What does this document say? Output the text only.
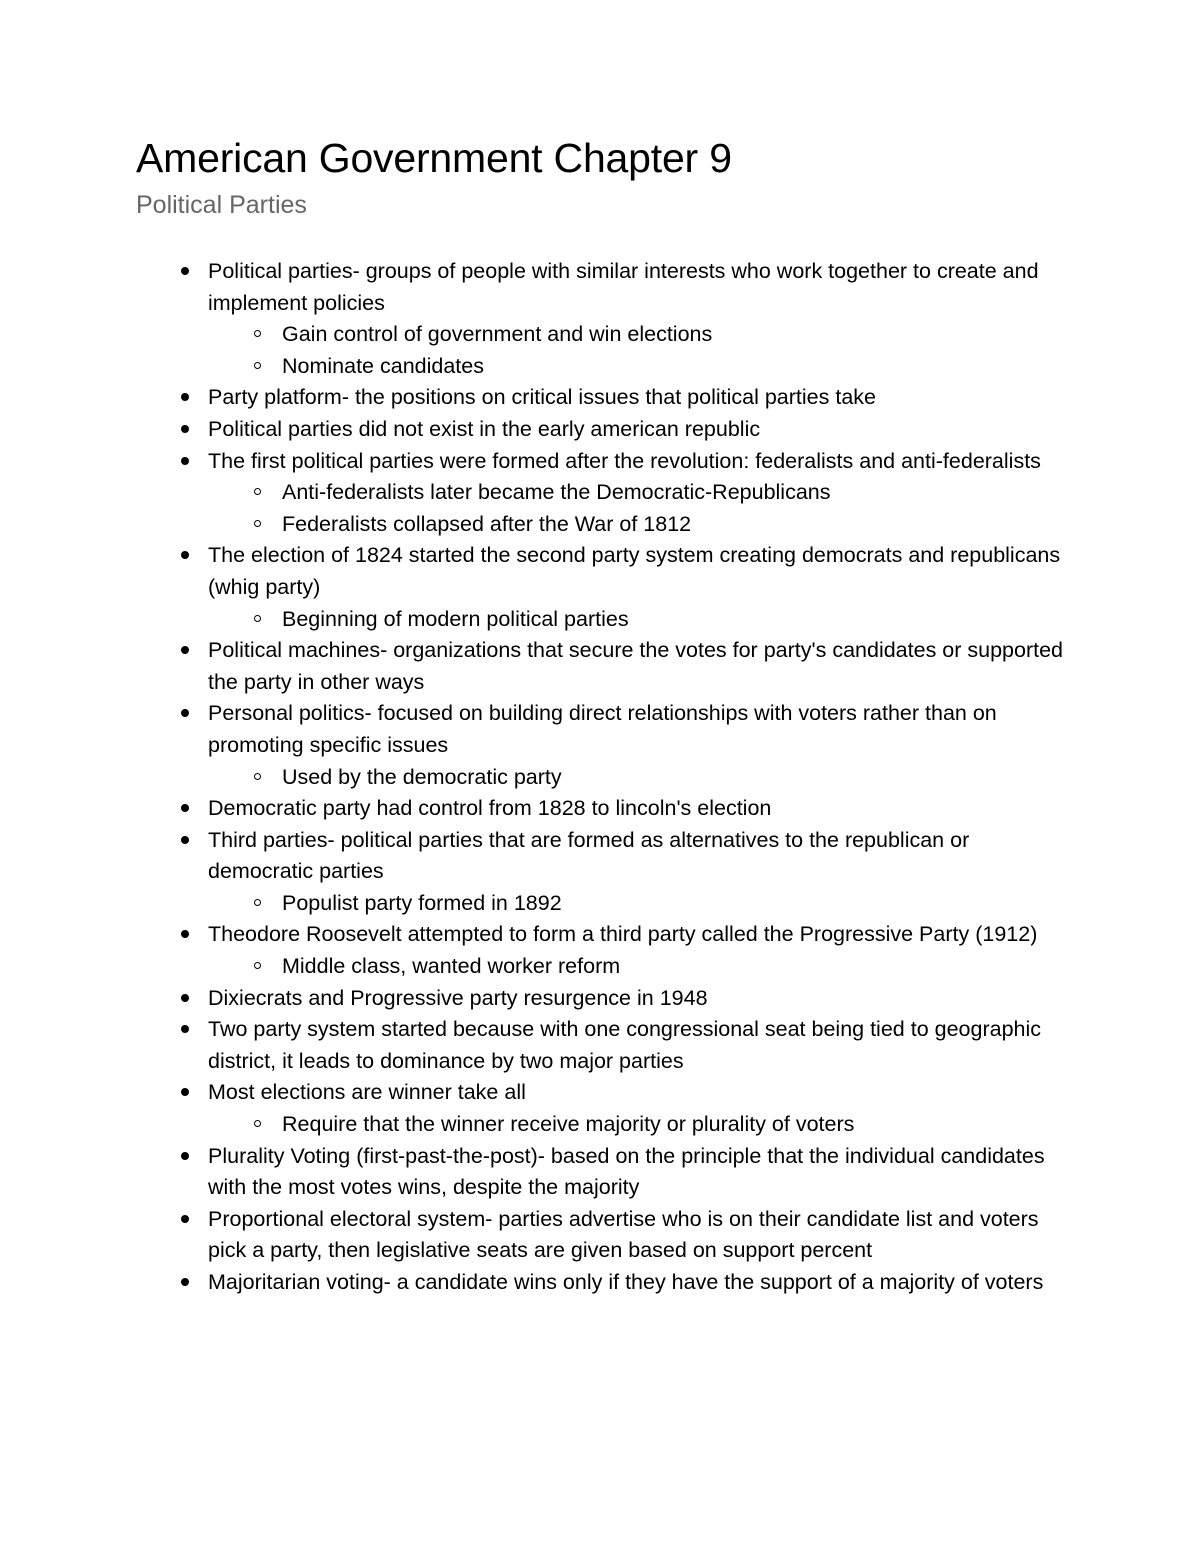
American Government Chapter 9
Political Parties
Political parties- groups of people with similar interests who work together to create and implement policies
Gain control of government and win elections
Nominate candidates
Party platform- the positions on critical issues that political parties take
Political parties did not exist in the early american republic
The first political parties were formed after the revolution: federalists and anti-federalists
Anti-federalists later became the Democratic-Republicans
Federalists collapsed after the War of 1812
The election of 1824 started the second party system creating democrats and republicans (whig party)
Beginning of modern political parties
Political machines- organizations that secure the votes for party's candidates or supported the party in other ways
Personal politics- focused on building direct relationships with voters rather than on promoting specific issues
Used by the democratic party
Democratic party had control from 1828 to lincoln's election
Third parties- political parties that are formed as alternatives to the republican or democratic parties
Populist party formed in 1892
Theodore Roosevelt attempted to form a third party called the Progressive Party (1912)
Middle class, wanted worker reform
Dixiecrats and Progressive party resurgence in 1948
Two party system started because with one congressional seat being tied to geographic district, it leads to dominance by two major parties
Most elections are winner take all
Require that the winner receive majority or plurality of voters
Plurality Voting (first-past-the-post)- based on the principle that the individual candidates with the most votes wins, despite the majority
Proportional electoral system- parties advertise who is on their candidate list and voters pick a party, then legislative seats are given based on support percent
Majoritarian voting- a candidate wins only if they have the support of a majority of voters
